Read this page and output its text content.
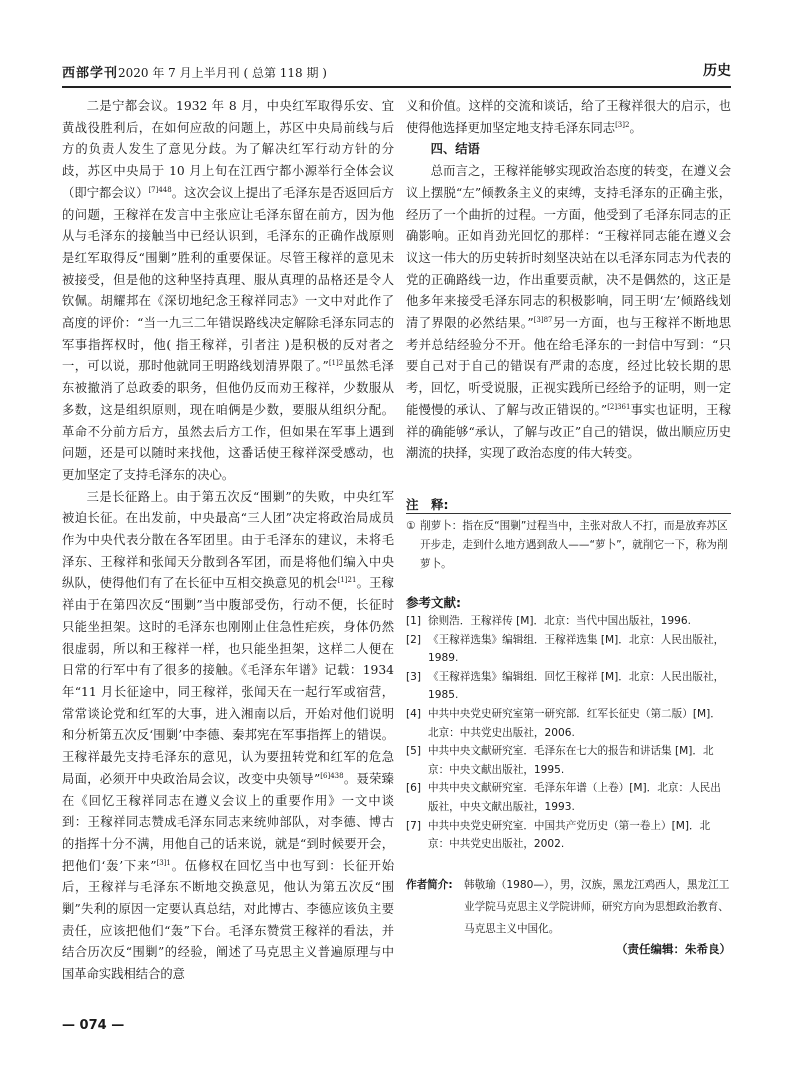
西部学刊2020 年 7 月上半月刊 ( 总第 118 期 )	历史

二是宁都会议。1932 年 8 月，中央红军取得乐安、宜黄战役胜利后，在如何应敌的问题上，苏区中央局前线与后方的负责人发生了意见分歧。为了解决红军行动方针的分歧，苏区中央局于 10 月上旬在江西宁都小源举行全体会议（即宁都会议）$^{[7]448}$。这次会议上提出了毛泽东是否返回后方的问题，王稼祥在发言中主张应让毛泽东留在前方，因为他从与毛泽东的接触当中已经认识到，毛泽东的正确作战原则是红军取得反“围剿”胜利的重要保证。尽管王稼祥的意见未被接受，但是他的这种坚持真理、服从真理的品格还是令人钦佩。胡耀邦在《深切地纪念王稼祥同志》一文中对此作了高度的评价：“当一九三二年错误路线决定解除毛泽东同志的军事指挥权时，他( 指王稼祥，引者注 )是积极的反对者之一，可以说，那时他就同王明路线划清界限了。”$^{[1]2}$虽然毛泽东被撤消了总政委的职务，但他仍反而劝王稼祥，少数服从多数，这是组织原则，现在咱俩是少数，要服从组织分配。革命不分前方后方，虽然去后方工作，但如果在军事上遇到问题，还是可以随时来找他，这番话使王稼祥深受感动，也更加坚定了支持毛泽东的决心。

三是长征路上。由于第五次反“围剿”的失败，中央红军被迫长征。在出发前，中央最高“三人团”决定将政治局成员作为中央代表分散在各军团里。由于毛泽东的建议，未将毛泽东、王稼祥和张闻天分散到各军团，而是将他们编入中央纵队，使得他们有了在长征中互相交换意见的机会$^{[1]21}$。王稼祥由于在第四次反“围剿”当中腹部受伤，行动不便，长征时只能坐担架。这时的毛泽东也刚刚止住急性疟疾，身体仍然很虚弱，所以和王稼祥一样，也只能坐担架，这样二人便在日常的行军中有了很多的接触。《毛泽东年谱》记载：1934 年“11 月长征途中，同王稼祥，张闻天在一起行军或宿营，常常谈论党和红军的大事，进入湘南以后，开始对他们说明和分析第五次反‘围剿’中李德、秦邦宪在军事指挥上的错误。王稼祥最先支持毛泽东的意见，认为要扭转党和红军的危急局面，必须开中央政治局会议，改变中央领导”$^{[6]438}$。聂荣臻在《回忆王稼祥同志在遵义会议上的重要作用》一文中谈到：王稼祥同志赞成毛泽东同志来统帅部队，对李德、博古的指挥十分不满，用他自己的话来说，就是“到时候要开会，把他们‘轰’下来”$^{[3]1}$。伍修权在回忆当中也写到：长征开始后，王稼祥与毛泽东不断地交换意见，他认为第五次反“围剿”失利的原因一定要认真总结，对此博古、李德应该负主要责任，应该把他们“轰”下台。毛泽东赞赏王稼祥的看法，并结合历次反“围剿”的经验，阐述了马克思主义普遍原理与中国革命实践相结合的意

义和价值。这样的交流和谈话，给了王稼祥很大的启示，也使得他选择更加坚定地支持毛泽东同志$^{[3]2}$。

四、结语

总而言之，王稼祥能够实现政治态度的转变，在遵义会议上摆脱“左”倾教条主义的束缚，支持毛泽东的正确主张，经历了一个曲折的过程。一方面，他受到了毛泽东同志的正确影响。正如肖劲光回忆的那样：“王稼祥同志能在遵义会议这一伟大的历史转折时刻坚决站在以毛泽东同志为代表的党的正确路线一边，作出重要贡献，决不是偶然的，这正是他多年来接受毛泽东同志的积极影响，同王明‘左’倾路线划清了界限的必然结果。”$^{[3]87}$另一方面，也与王稼祥不断地思考并总结经验分不开。他在给毛泽东的一封信中写到：“只要自己对于自己的错误有严肃的态度，经过比较长期的思考，回忆，听受说服，正视实践所已经给予的证明，则一定能慢慢的承认、了解与改正错误的。”$^{[2]361}$事实也证明，王稼祥的确能够“承认，了解与改正”自己的错误，做出顺应历史潮流的抉择，实现了政治态度的伟大转变。

注　释:
① 削萝卜：指在反“围剿”过程当中，主张对敌人不打，而是放弃苏区开步走，走到什么地方遇到敌人——“萝卜”，就削它一下，称为削萝卜。
参考文献:
[1] 徐则浩．王稼祥传 [M]．北京：当代中国出版社，1996.
[2] 《王稼祥选集》编辑组．王稼祥选集 [M]．北京：人民出版社，1989.
[3] 《王稼祥选集》编辑组．回忆王稼祥 [M]．北京：人民出版社，1985.
[4] 中共中央党史研究室第一研究部．红军长征史（第二版）[M]．北京：中共党史出版社，2006.
[5] 中共中央文献研究室．毛泽东在七大的报告和讲话集 [M]．北京：中央文献出版社，1995.
[6] 中共中央文献研究室．毛泽东年谱（上卷）[M]．北京：人民出版社，中央文献出版社，1993.
[7] 中共中央党史研究室．中国共产党历史（第一卷上）[M]．北京：中共党史出版社，2002.
作者简介:	韩敬瑜（1980—），男，汉族，黑龙江鸡西人，黑龙江工业学院马克思主义学院讲师，研究方向为思想政治教育、马克思主义中国化。
（责任编辑：朱希良）
— 074 —
